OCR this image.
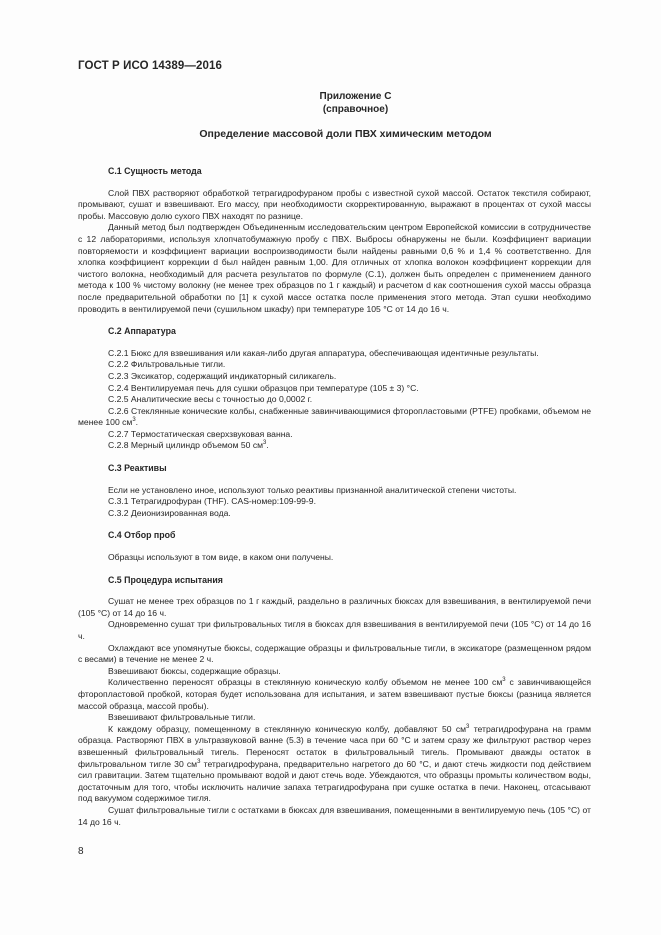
ГОСТ Р ИСО 14389—2016
Приложение С
(справочное)
Определение массовой доли ПВХ химическим методом
С.1 Сущность метода

Слой ПВХ растворяют обработкой тетрагидрофураном пробы с известной сухой массой. Остаток текстиля собирают, промывают, сушат и взвешивают. Его массу, при необходимости скорректированную, выражают в процентах от сухой массы пробы. Массовую долю сухого ПВХ находят по разнице.

Данный метод был подтвержден Объединенным исследовательским центром Европейской комиссии в сотрудничестве с 12 лабораториями, используя хлопчатобумажную пробу с ПВХ. Выбросы обнаружены не были. Коэффициент вариации повторяемости и коэффициент вариации воспроизводимости были найдены равными 0,6 % и 1,4 % соответственно. Для хлопка коэффициент коррекции d был найден равным 1,00. Для отличных от хлопка волокон коэффициент коррекции для чистого волокна, необходимый для расчета результатов по формуле (С.1), должен быть определен с применением данного метода к 100 % чистому волокну (не менее трех образцов по 1 г каждый) и расчетом d как соотношения сухой массы образца после предварительной обработки по [1] к сухой массе остатка после применения этого метода. Этап сушки необходимо проводить в вентилируемой печи (сушильном шкафу) при температуре 105 °С от 14 до 16 ч.

С.2 Аппаратура

С.2.1 Бюкс для взвешивания или какая-либо другая аппаратура, обеспечивающая идентичные результаты.

С.2.2 Фильтровальные тигли.

С.2.3 Эксикатор, содержащий индикаторный силикагель.

С.2.4 Вентилируемая печь для сушки образцов при температуре (105 ± 3) °С.

С.2.5 Аналитические весы с точностью до 0,0002 г.

С.2.6 Стеклянные конические колбы, снабженные завинчивающимися фторопластовыми (PTFE) пробками, объемом не менее 100 $см^3$.

С.2.7 Термостатическая сверхзвуковая ванна.

С.2.8 Мерный цилиндр объемом 50 $см^3$.

С.3 Реактивы

Если не установлено иное, используют только реактивы признанной аналитической степени чистоты.

С.3.1 Тетрагидрофуран (THF). CAS-номер:109-99-9.

С.3.2 Деионизированная вода.

С.4 Отбор проб

Образцы используют в том виде, в каком они получены.

С.5 Процедура испытания

Сушат не менее трех образцов по 1 г каждый, раздельно в различных бюксах для взвешивания, в вентилируемой печи (105 °С) от 14 до 16 ч.

Одновременно сушат три фильтровальных тигля в бюксах для взвешивания в вентилируемой печи (105 °С) от 14 до 16 ч.

Охлаждают все упомянутые бюксы, содержащие образцы и фильтровальные тигли, в эксикаторе (размещенном рядом с весами) в течение не менее 2 ч.

Взвешивают бюксы, содержащие образцы.

Количественно переносят образцы в стеклянную коническую колбу объемом не менее 100 $см^3$ с завинчивающейся фторопластовой пробкой, которая будет использована для испытания, и затем взвешивают пустые бюксы (разница является массой образца, массой пробы).

Взвешивают фильтровальные тигли.

К каждому образцу, помещенному в стеклянную коническую колбу, добавляют 50 $см^3$ тетрагидрофурана на грамм образца. Растворяют ПВХ в ультразвуковой ванне (5.3) в течение часа при 60 °С и затем сразу же фильтруют раствор через взвешенный фильтровальный тигель. Переносят остаток в фильтровальный тигель. Промывают дважды остаток в фильтровальном тигле 30 $см^3$ тетрагидрофурана, предварительно нагретого до 60 °С, и дают стечь жидкости под действием сил гравитации. Затем тщательно промывают водой и дают стечь воде. Убеждаются, что образцы промыты количеством воды, достаточным для того, чтобы исключить наличие запаха тетрагидрофурана при сушке остатка в печи. Наконец, отсасывают под вакуумом содержимое тигля.

Сушат фильтровальные тигли с остатками в бюксах для взвешивания, помещенными в вентилируемую печь (105 °С) от 14 до 16 ч.

8
